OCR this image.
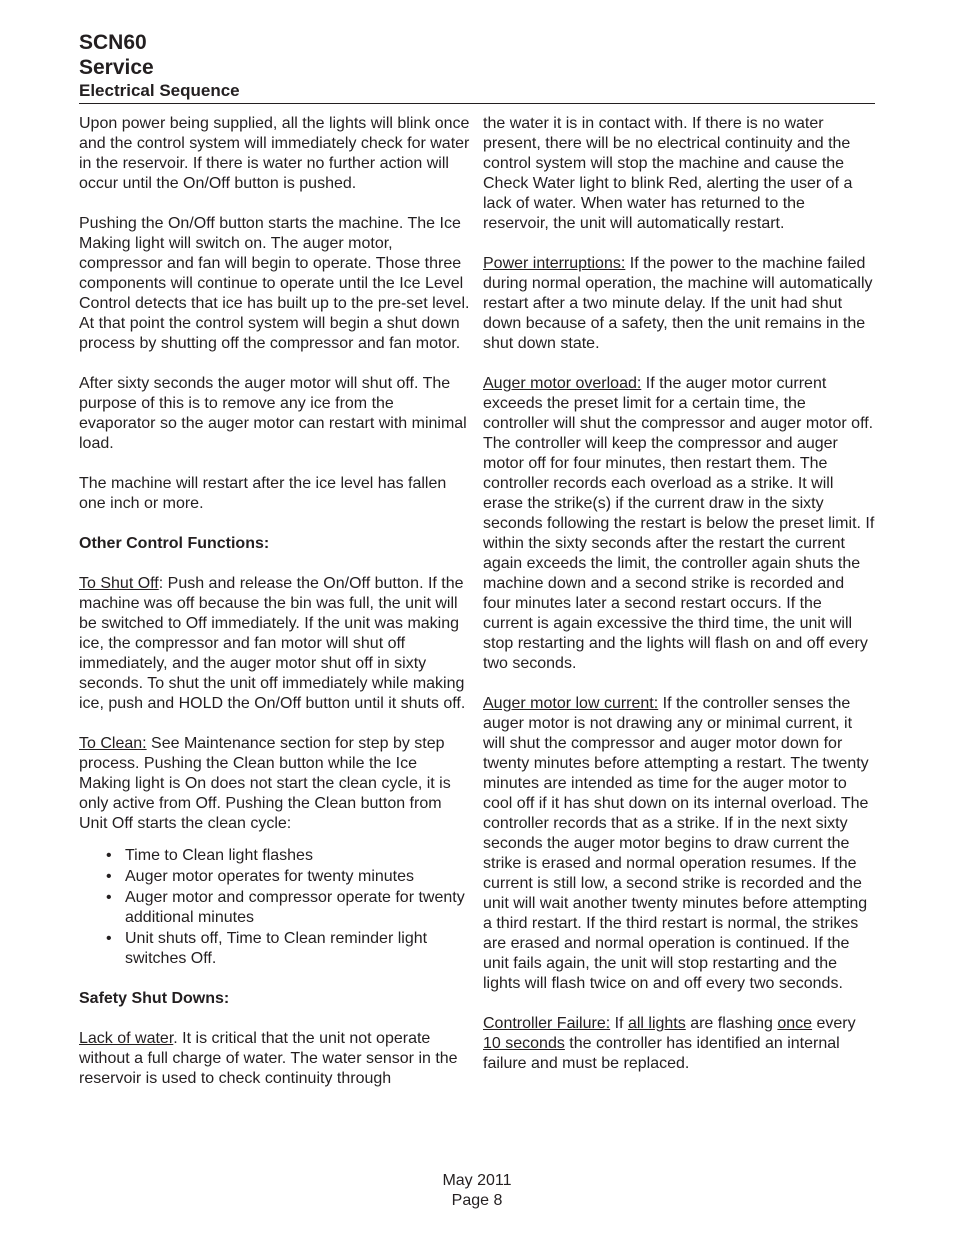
SCN60
Service
Electrical Sequence

Upon power being supplied, all the lights will blink once and the control system will immediately check for water in the reservoir. If there is water no further action will occur until the On/Off button is pushed.

Pushing the On/Off button starts the machine. The Ice Making light will switch on. The auger motor, compressor and fan will begin to operate. Those three components will continue to operate until the Ice Level Control detects that ice has built up to the pre-set level. At that point the control system will begin a shut down process by shutting off the compressor and fan motor.

After sixty seconds the auger motor will shut off. The purpose of this is to remove any ice from the evaporator so the auger motor can restart with minimal load.

The machine will restart after the ice level has fallen one inch or more.

Other Control Functions:

To Shut Off: Push and release the On/Off button. If the machine was off because the bin was full, the unit will be switched to Off immediately. If the unit was making ice, the compressor and fan motor will shut off immediately, and the auger motor shut off in sixty seconds. To shut the unit off immediately while making ice, push and HOLD the On/Off button until it shuts off.

To Clean: See Maintenance section for step by step process. Pushing the Clean button while the Ice Making light is On does not start the clean cycle, it is only active from Off. Pushing the Clean button from Unit Off starts the clean cycle:

• Time to Clean light flashes
• Auger motor operates for twenty minutes
• Auger motor and compressor operate for twenty additional minutes
• Unit shuts off, Time to Clean reminder light switches Off.

Safety Shut Downs:

Lack of water. It is critical that the unit not operate without a full charge of water. The water sensor in the reservoir is used to check continuity through

the water it is in contact with. If there is no water present, there will be no electrical continuity and the control system will stop the machine and cause the Check Water light to blink Red, alerting the user of a lack of water. When water has returned to the reservoir, the unit will automatically restart.

Power interruptions: If the power to the machine failed during normal operation, the machine will automatically restart after a two minute delay. If the unit had shut down because of a safety, then the unit remains in the shut down state.

Auger motor overload: If the auger motor current exceeds the preset limit for a certain time, the controller will shut the compressor and auger motor off. The controller will keep the compressor and auger motor off for four minutes, then restart them. The controller records each overload as a strike. It will erase the strike(s) if the current draw in the sixty seconds following the restart is below the preset limit. If within the sixty seconds after the restart the current again exceeds the limit, the controller again shuts the machine down and a second strike is recorded and four minutes later a second restart occurs. If the current is again excessive the third time, the unit will stop restarting and the lights will flash on and off every two seconds.

Auger motor low current: If the controller senses the auger motor is not drawing any or minimal current, it will shut the compressor and auger motor down for twenty minutes before attempting a restart. The twenty minutes are intended as time for the auger motor to cool off if it has shut down on its internal overload. The controller records that as a strike. If in the next sixty seconds the auger motor begins to draw current the strike is erased and normal operation resumes. If the current is still low, a second strike is recorded and the unit will wait another twenty minutes before attempting a third restart. If the third restart is normal, the strikes are erased and normal operation is continued. If the unit fails again, the unit will stop restarting and the lights will flash twice on and off every two seconds.

Controller Failure: If all lights are flashing once every 10 seconds the controller has identified an internal failure and must be replaced.

May 2011
Page 8
